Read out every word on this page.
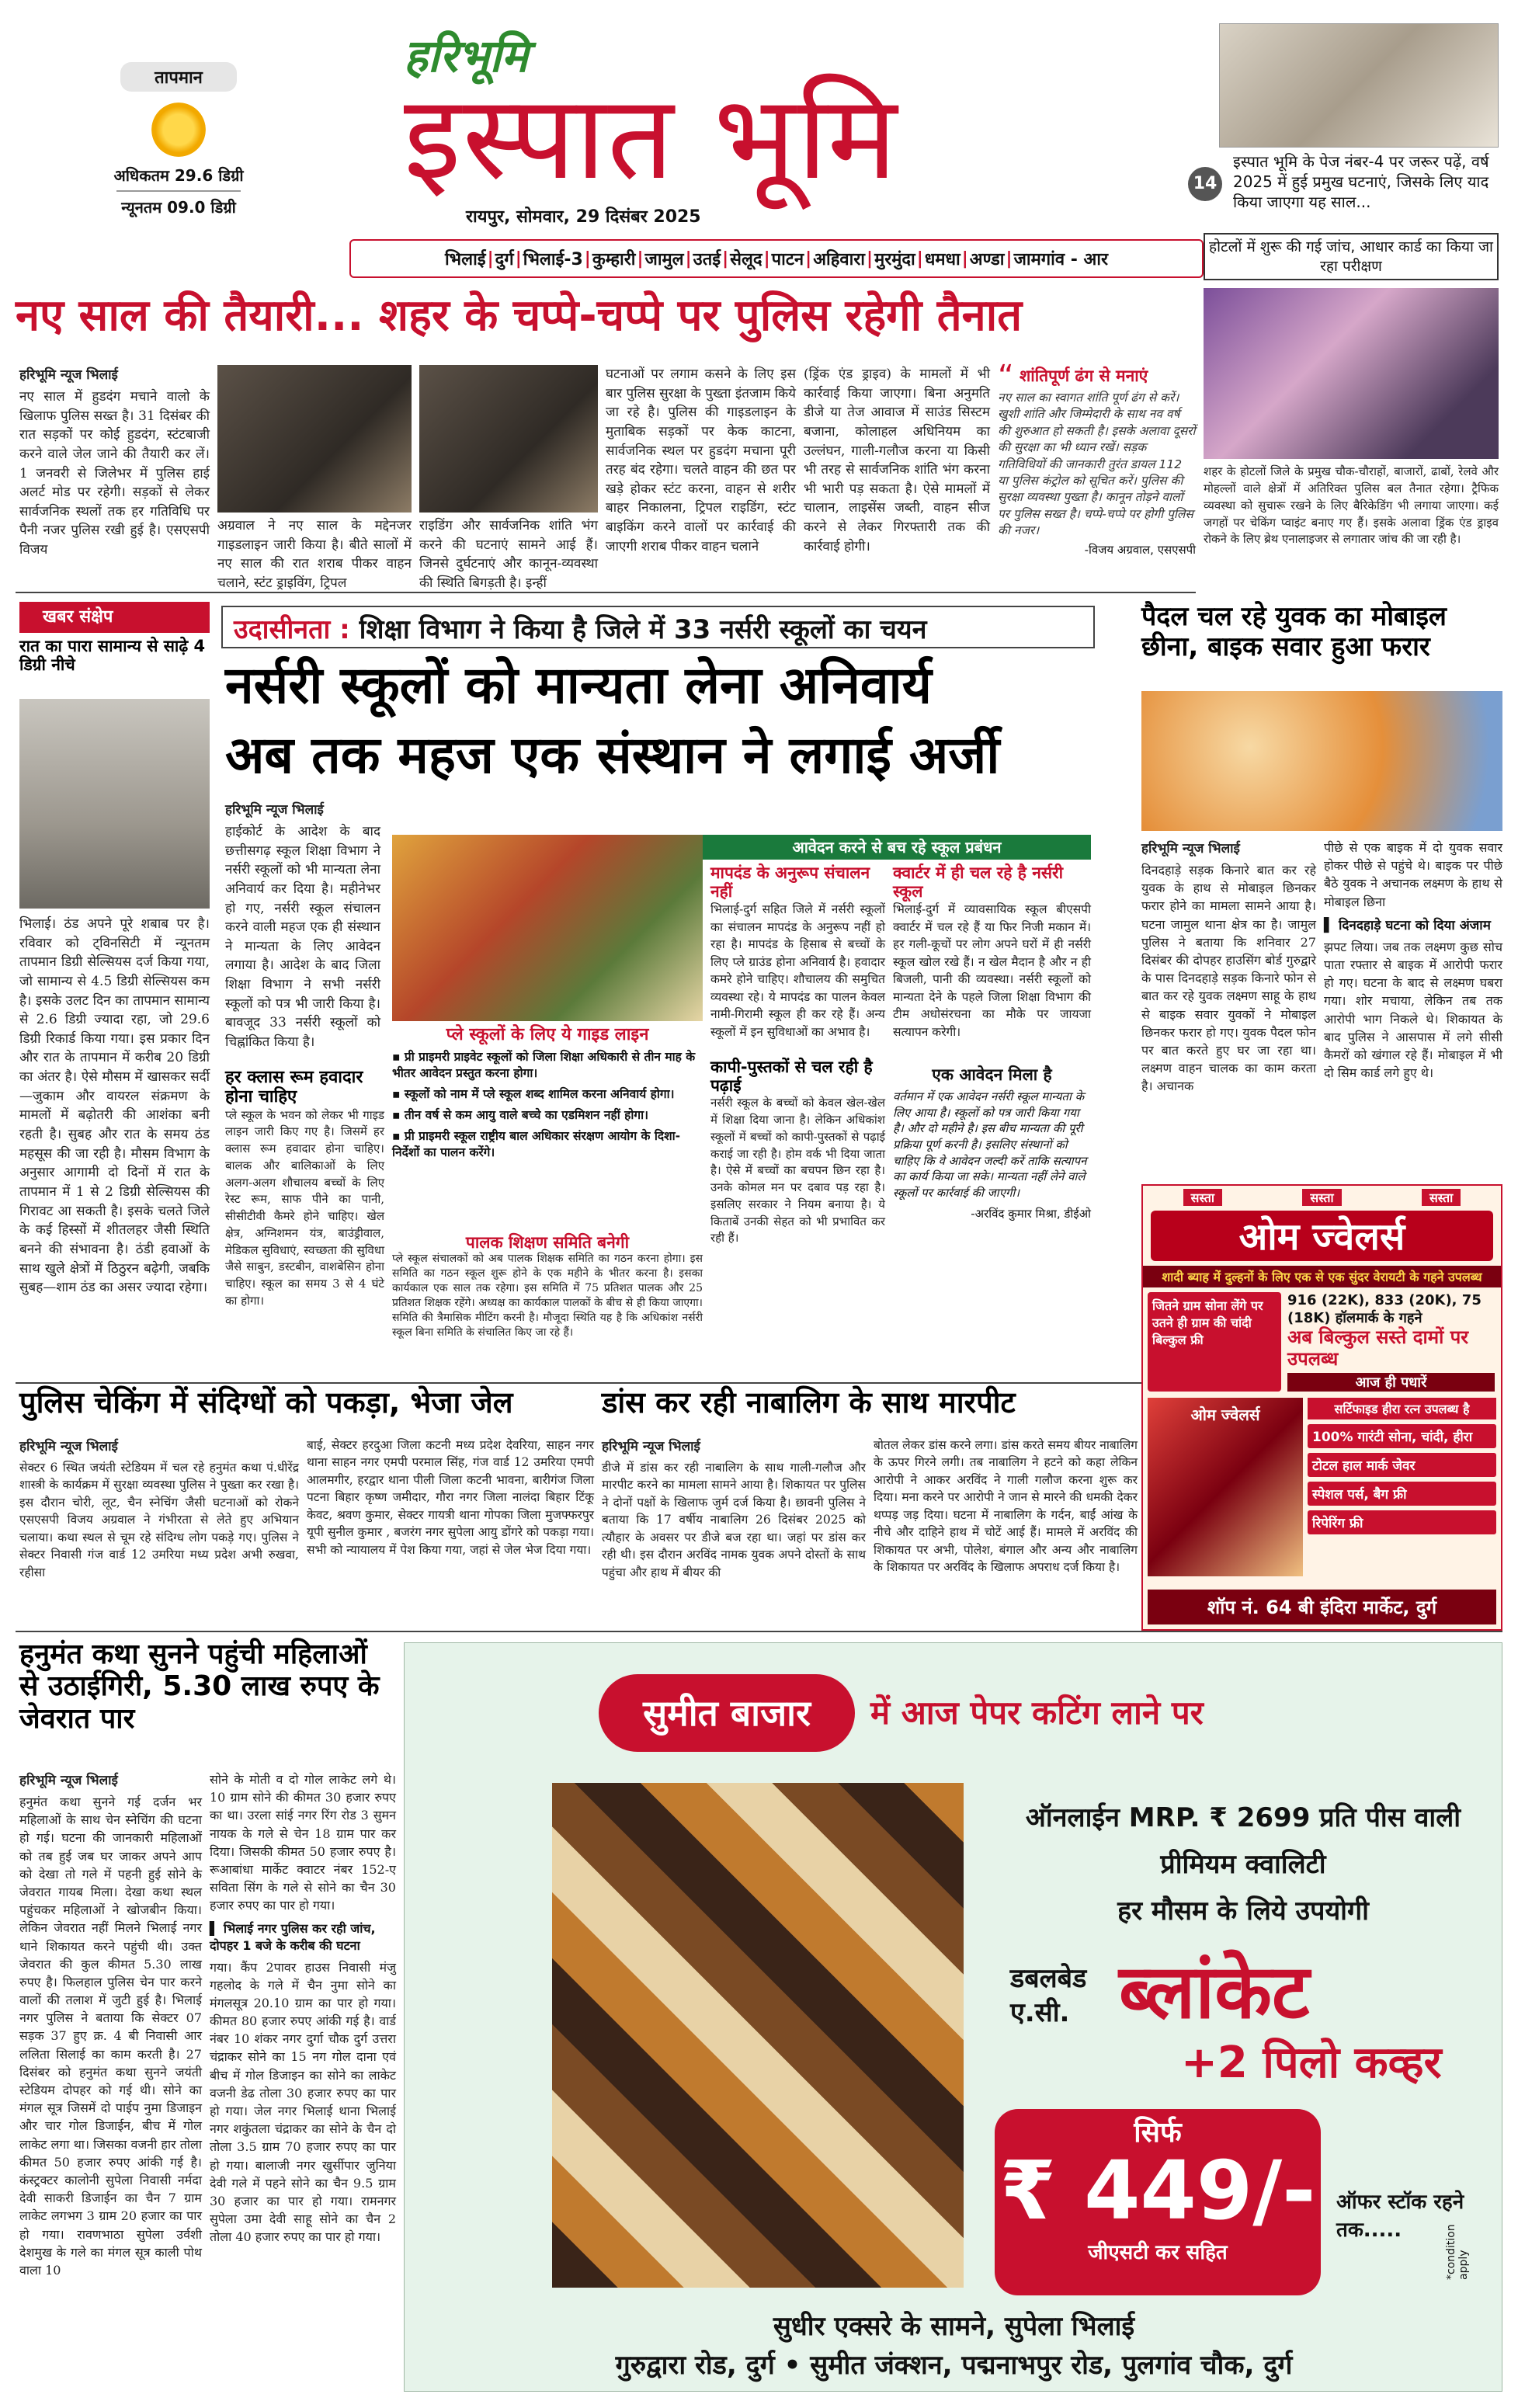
तापमान
अधिकतम 29.6 डिग्री
न्यूनतम 09.0 डिग्री
हरिभूमि
इस्पात भूमि
रायपुर, सोमवार, 29 दिसंबर 2025
14
इस्पात भूमि के पेज नंबर-4 पर जरूर पढ़ें, वर्ष 2025 में हुई प्रमुख घटनाएं, जिसके लिए याद किया जाएगा यह साल...
भिलाई | दुर्ग | भिलाई-3 | कुम्हारी | जामुल | उतई | सेलूद | पाटन | अहिवारा | मुरमुंदा | धमधा | अण्डा | जामगांव - आर
होटलों में शुरू की गई जांच, आधार कार्ड का किया जा रहा परीक्षण
शहर के होटलों जिले के प्रमुख चौक-चौराहों, बाजारों, ढाबों, रेलवे और मोहल्लों वाले क्षेत्रों में अतिरिक्त पुलिस बल तैनात रहेगा। ट्रैफिक व्यवस्था को सुचारू रखने के लिए बैरिकेडिंग भी लगाया जाएगा। कई जगहों पर चेकिंग प्वाइंट बनाए गए हैं। इसके अलावा ड्रिंक एंड ड्राइव रोकने के लिए ब्रेथ एनालाइजर से लगातार जांच की जा रही है।
नए साल की तैयारी... शहर के चप्पे-चप्पे पर पुलिस रहेगी तैनात
हरिभूमि न्यूज भिलाई
नए साल में हुडदंग मचाने वालो के खिलाफ पुलिस सख्त है। 31 दिसंबर की रात सड़कों पर कोई हुडदंग, स्टंटबाजी करने वाले जेल जाने की तैयारी कर लें। 1 जनवरी से जिलेभर में पुलिस हाई अलर्ट मोड पर रहेगी। सड़कों से लेकर सार्वजनिक स्थलों तक हर गतिविधि पर पैनी नजर पुलिस रखी हुई है। एसएसपी विजय
अग्रवाल ने नए साल के मद्देनजर गाइडलाइन जारी किया है। बीते सालों में नए साल की रात शराब पीकर वाहन चलाने, स्टंट ड्राइविंग, ट्रिपल
राइडिंग और सार्वजनिक शांति भंग करने की घटनाएं सामने आई हैं। जिनसे दुर्घटनाएं और कानून-व्यवस्था की स्थिति बिगड़ती है। इन्हीं
घटनाओं पर लगाम कसने के लिए इस बार पुलिस सुरक्षा के पुख्ता इंतजाम किये जा रहे है। पुलिस की गाइडलाइन के मुताबिक सड़कों पर केक काटना, सार्वजनिक स्थल पर हुडदंग मचाना पूरी तरह बंद रहेगा। चलते वाहन की छत पर खड़े होकर स्टंट करना, वाहन से शरीर बाहर निकालना, ट्रिपल राइडिंग, स्टंट बाइकिंग करने वालों पर कार्रवाई की जाएगी शराब पीकर वाहन चलाने
(ड्रिंक एंड ड्राइव) के मामलों में भी कार्रवाई किया जाएगा। बिना अनुमति डीजे या तेज आवाज में साउंड सिस्टम बजाना, कोलाहल अधिनियम का उल्लंघन, गाली-गलौज करना या किसी भी तरह से सार्वजनिक शांति भंग करना भी भारी पड़ सकता है। ऐसे मामलों में चालान, लाइसेंस जब्ती, वाहन सीज करने से लेकर गिरफ्तारी तक की कार्रवाई होगी।
“ शांतिपूर्ण ढंग से मनाएं
नए साल का स्वागत शांति पूर्ण ढंग से करें। खुशी शांति और जिम्मेदारी के साथ नव वर्ष की शुरुआत हो सकती है। इसके अलावा दूसरों की सुरक्षा का भी ध्यान रखें। सड़क गतिविधियों की जानकारी तुरंत डायल 112 या पुलिस कंट्रोल को सूचित करें। पुलिस की सुरक्षा व्यवस्था पुख्ता है। कानून तोड़ने वालों पर पुलिस सख्त है। चप्पे-चप्पे पर होगी पुलिस की नजर।
-विजय अग्रवाल, एसएसपी
खबर संक्षेप
रात का पारा सामान्य से साढ़े 4 डिग्री नीचे
भिलाई। ठंड अपने पूरे शबाब पर है। रविवार को ट्विनसिटी में न्यूनतम तापमान डिग्री सेल्सियस दर्ज किया गया, जो सामान्य से 4.5 डिग्री सेल्सियस कम है। इसके उलट दिन का तापमान सामान्य से 2.6 डिग्री ज्यादा रहा, जो 29.6 डिग्री रिकार्ड किया गया। इस प्रकार दिन और रात के तापमान में करीब 20 डिग्री का अंतर है। ऐसे मौसम में खासकर सर्दी—जुकाम और वायरल संक्रमण के मामलों में बढ़ोतरी की आशंका बनी रहती है। सुबह और रात के समय ठंड महसूस की जा रही है। मौसम विभाग के अनुसार आगामी दो दिनों में रात के तापमान में 1 से 2 डिग्री सेल्सियस की गिरावट आ सकती है। इसके चलते जिले के कई हिस्सों में शीतलहर जैसी स्थिति बनने की संभावना है। ठंडी हवाओं के साथ खुले क्षेत्रों में ठिठुरन बढ़ेगी, जबकि सुबह—शाम ठंड का असर ज्यादा रहेगा।
उदासीनता : शिक्षा विभाग ने किया है जिले में 33 नर्सरी स्कूलों का चयन
नर्सरी स्कूलों को मान्यता लेना अनिवार्य
अब तक महज एक संस्थान ने लगाई अर्जी
हरिभूमि न्यूज भिलाई
हाईकोर्ट के आदेश के बाद छत्तीसगढ़ स्कूल शिक्षा विभाग ने नर्सरी स्कूलों को भी मान्यता लेना अनिवार्य कर दिया है। महीनेभर हो गए, नर्सरी स्कूल संचालन करने वाली महज एक ही संस्थान ने मान्यता के लिए आवेदन लगाया है। आदेश के बाद जिला शिक्षा विभाग ने सभी नर्सरी स्कूलों को पत्र भी जारी किया है। बावजूद 33 नर्सरी स्कूलों को चिह्नांकित किया है।
आवेदन करने से बच रहे स्कूल प्रबंधन
मापदंड के अनुरूप संचालन नहीं
भिलाई-दुर्ग सहित जिले में नर्सरी स्कूलों का संचालन मापदंड के अनुरूप नहीं हो रहा है। मापदंड के हिसाब से बच्चों के लिए प्ले ग्राउंड होना अनिवार्य है। हवादार कमरे होने चाहिए। शौचालय की समुचित व्यवस्था रहे। ये मापदंड का पालन केवल नामी-गिरामी स्कूल ही कर रहे हैं। अन्य स्कूलों में इन सुविधाओं का अभाव है।
क्वार्टर में ही चल रहे है नर्सरी स्कूल
भिलाई-दुर्ग में व्यावसायिक स्कूल बीएसपी क्वार्टर में चल रहे हैं या फिर निजी मकान में। हर गली-कूचों पर लोग अपने घरों में ही नर्सरी स्कूल खोल रखे हैं। न खेल मैदान है और न ही बिजली, पानी की व्यवस्था। नर्सरी स्कूलों को मान्यता देने के पहले जिला शिक्षा विभाग की टीम अधोसंरचना का मौके पर जायजा सत्यापन करेगी।
प्ले स्कूलों के लिए ये गाइड लाइन
▪ प्री प्राइमरी प्राइवेट स्कूलों को जिला शिक्षा अधिकारी से तीन माह के भीतर आवेदन प्रस्तुत करना होगा।
▪ स्कूलों को नाम में प्ले स्कूल शब्द शामिल करना अनिवार्य होगा।
▪ तीन वर्ष से कम आयु वाले बच्चे का एडमिशन नहीं होगा।
▪ प्री प्राइमरी स्कूल राष्ट्रीय बाल अधिकार संरक्षण आयोग के दिशा-निर्देशों का पालन करेंगे।
हर क्लास रूम हवादार होना चाहिए
प्ले स्कूल के भवन को लेकर भी गाइड लाइन जारी किए गए है। जिसमें हर क्लास रूम हवादार होना चाहिए। बालक और बालिकाओं के लिए अलग-अलग शौचालय बच्चों के लिए रेस्ट रूम, साफ पीने का पानी, सीसीटीवी कैमरे होने चाहिए। खेल क्षेत्र, अग्निशमन यंत्र, बाउंड्रीवाल, मेडिकल सुविधाएं, स्वच्छता की सुविधा जैसे साबुन, डस्टबीन, वाशबेसिन होना चाहिए। स्कूल का समय 3 से 4 घंटे का होगा।
कापी-पुस्तकों से चल रही है पढ़ाई
नर्सरी स्कूल के बच्चों को केवल खेल-खेल में शिक्षा दिया जाना है। लेकिन अधिकांश स्कूलों में बच्चों को कापी-पुस्तकों से पढ़ाई कराई जा रही है। होम वर्क भी दिया जाता है। ऐसे में बच्चों का बचपन छिन रहा है। उनके कोमल मन पर दबाव पड़ रहा है। इसलिए सरकार ने नियम बनाया है। ये किताबें उनकी सेहत को भी प्रभावित कर रही हैं।
एक आवेदन मिला है
वर्तमान में एक आवेदन नर्सरी स्कूल मान्यता के लिए आया है। स्कूलों को पत्र जारी किया गया है। और दो महीने है। इस बीच मान्यता की पूरी प्रक्रिया पूर्ण करनी है। इसलिए संस्थानों को चाहिए कि वे आवेदन जल्दी करें ताकि सत्यापन का कार्य किया जा सके। मान्यता नहीं लेने वाले स्कूलों पर कार्रवाई की जाएगी।
-अरविंद कुमार मिश्रा, डीईओ
पालक शिक्षण समिति बनेगी
प्ले स्कूल संचालकों को अब पालक शिक्षक समिति का गठन करना होगा। इस समिति का गठन स्कूल शुरू होने के एक महीने के भीतर करना है। इसका कार्यकाल एक साल तक रहेगा। इस समिति में 75 प्रतिशत पालक और 25 प्रतिशत शिक्षक रहेंगे। अध्यक्ष का कार्यकाल पालकों के बीच से ही किया जाएगा। समिति की त्रैमासिक मीटिंग करनी है। मौजूदा स्थिति यह है कि अधिकांश नर्सरी स्कूल बिना समिति के संचालित किए जा रहे हैं।
पैदल चल रहे युवक का मोबाइल छीना, बाइक सवार हुआ फरार
हरिभूमि न्यूज भिलाई
दिनदहाड़े सड़क किनारे बात कर रहे युवक के हाथ से मोबाइल छिनकर फरार होने का मामला सामने आया है। घटना जामुल थाना क्षेत्र का है। जामुल पुलिस ने बताया कि शनिवार 27 दिसंबर की दोपहर हाउसिंग बोर्ड गुरुद्वारे के पास दिनदहाड़े सड़क किनारे फोन से बात कर रहे युवक लक्ष्मण साहू के हाथ से बाइक सवार युवकों ने मोबाइल छिनकर फरार हो गए। युवक पैदल फोन पर बात करते हुए घर जा रहा था। लक्ष्मण वाहन चालक का काम करता है। अचानक
पीछे से एक बाइक में दो युवक सवार होकर पीछे से पहुंचे थे। बाइक पर पीछे बैठे युवक ने अचानक लक्ष्मण के हाथ से मोबाइल छिना
▌ दिनदहाड़े घटना को दिया अंजाम
झपट लिया। जब तक लक्ष्मण कुछ सोच पाता रफ्तार से बाइक में आरोपी फरार हो गए। घटना के बाद से लक्ष्मण घबरा गया। शोर मचाया, लेकिन तब तक आरोपी भाग निकले थे। शिकायत के बाद पुलिस ने आसपास में लगे सीसी कैमरों को खंगाल रहे हैं। मोबाइल में भी दो सिम कार्ड लगे हुए थे।
सस्ता	सस्ता	सस्ता
ओम ज्वेलर्स
शादी ब्याह में दुल्हनों के लिए एक से एक सुंदर वेरायटी के गहने उपलब्ध
जितने ग्राम सोना लेंगे पर उतने ही ग्राम की चांदी बिल्कुल फ्री
916 (22K), 833 (20K), 75 (18K) हॉलमार्क के गहने
अब बिल्कुल सस्ते दामों पर उपलब्ध
आज ही पधारें
ओम ज्वेलर्स	सर्टिफाइड हीरा रत्न उपलब्ध है
100% गारंटी सोना, चांदी, हीरा
टोटल हाल मार्क जेवर
स्पेशल पर्स, बैग फ्री
रिपेरिंग फ्री
शॉप नं. 64 बी इंदिरा मार्केट, दुर्ग
पुलिस चेकिंग में संदिग्धों को पकड़ा, भेजा जेल
हरिभूमि न्यूज भिलाई
सेक्टर 6 स्थित जयंती स्टेडियम में चल रहे हनुमंत कथा पं.धीरेंद्र शास्त्री के कार्यक्रम में सुरक्षा व्यवस्था पुलिस ने पुख्ता कर रखा है। इस दौरान चोरी, लूट, चैन स्नेचिंग जैसी घटनाओं को रोकने एसएसपी विजय अग्रवाल ने गंभीरता से लेते हुए अभियान चलाया। कथा स्थल से चूम रहे संदिग्ध लोग पकड़े गए। पुलिस ने सेक्टर निवासी गंज वार्ड 12 उमरिया मध्य प्रदेश अभी रुखवा, रहीसा
बाई, सेक्टर हरदुआ जिला कटनी मध्य प्रदेश देवरिया, साहन नगर थाना साहन नगर एमपी परमाल सिंह, गंज वार्ड 12 उमरिया एमपी आलमगीर, हरद्वार थाना पीली जिला कटनी भावना, बारीगंज जिला पटना बिहार कृष्ण जमीदार, गौरा नगर जिला नालंदा बिहार टिंकू केवट, श्रवण कुमार, सेक्टर गायत्री थाना गोपका जिला मुजफ्फरपुर यूपी सुनील कुमार , बजरंग नगर सुपेला आयु डोंगरे को पकड़ा गया। सभी को न्यायालय में पेश किया गया, जहां से जेल भेज दिया गया।
डांस कर रही नाबालिग के साथ मारपीट
हरिभूमि न्यूज भिलाई
डीजे में डांस कर रही नाबालिग के साथ गाली-गलौज और मारपीट करने का मामला सामने आया है। शिकायत पर पुलिस ने दोनों पक्षों के खिलाफ जुर्म दर्ज किया है। छावनी पुलिस ने बताया कि 17 वर्षीय नाबालिग 26 दिसंबर 2025 को त्यौहार के अवसर पर डीजे बज रहा था। जहां पर डांस कर रही थी। इस दौरान अरविंद नामक युवक अपने दोस्तों के साथ पहुंचा और हाथ में बीयर की
बोतल लेकर डांस करने लगा। डांस करते समय बीयर नाबालिग के ऊपर गिरने लगी। तब नाबालिग ने हटने को कहा लेकिन आरोपी ने आकर अरविंद ने गाली गलौज करना शुरू कर दिया। मना करने पर आरोपी ने जान से मारने की धमकी देकर थप्पड़ जड़ दिया। घटना में नाबालिग के गर्दन, बाईं आंख के नीचे और दाहिने हाथ में चोटें आई हैं। मामले में अरविंद की शिकायत पर अभी, पोलेश, बंगाल और अन्य और नाबालिग के शिकायत पर अरविंद के खिलाफ अपराध दर्ज किया है।
हनुमंत कथा सुनने पहुंची महिलाओं से उठाईगिरी, 5.30 लाख रुपए के जेवरात पार
हरिभूमि न्यूज भिलाई
हनुमंत कथा सुनने गई दर्जन भर महिलाओं के साथ चेन स्नेचिंग की घटना हो गई। घटना की जानकारी महिलाओं को तब हुई जब घर जाकर अपने आप को देखा तो गले में पहनी हुई सोने के जेवरात गायब मिला। देखा कथा स्थल पहुंचकर महिलाओं ने खोजबीन किया। लेकिन जेवरात नहीं मिलने भिलाई नगर थाने शिकायत करने पहुंची थी। उक्त जेवरात की कुल कीमत 5.30 लाख रुपए है। फिलहाल पुलिस चेन पार करने वालों की तलाश में जुटी हुई है। भिलाई नगर पुलिस ने बताया कि सेक्टर 07 सड़क 37 हुए क्र. 4 बी निवासी आर ललिता सिलाई का काम करती है। 27 दिसंबर को हनुमंत कथा सुनने जयंती स्टेडियम दोपहर को गई थी। सोने का मंगल सूत्र जिसमें दो पाईप नुमा डिजाइन और चार गोल डिजाईन, बीच में गोल लाकेट लगा था। जिसका वजनी हार तोला कीमत 50 हजार रुपए आंकी गई है। कंस्ट्रक्टर कालोनी सुपेला निवासी नर्मदा देवी साकरी डिजाईन का चैन 7 ग्राम लाकेट लगभग 3 ग्राम 20 हजार का पार हो गया। रावणभाठा सुपेला उर्वशी देशमुख के गले का मंगल सूत्र काली पोथ वाला 10
सोने के मोती व दो गोल लाकेट लगे थे। 10 ग्राम सोने की कीमत 30 हजार रुपए का था। उरला सांई नगर रिंग रोड 3 सुमन नायक के गले से चेन 18 ग्राम पार कर दिया। जिसकी कीमत 50 हजार रुपए है। रूआबांधा मार्केट क्वाटर नंबर 152-ए सविता सिंग के गले से सोने का चैन 30 हजार रुपए का पार हो गया।
▌ भिलाई नगर पुलिस कर रही जांच, दोपहर 1 बजे के करीब की घटना
गया। कैंप 2पावर हाउस निवासी मंजु गहलोद के गले में चैन नुमा सोने का मंगलसूत्र 20.10 ग्राम का पार हो गया। कीमत 80 हजार रुपए आंकी गई है। वार्ड नंबर 10 शंकर नगर दुर्गा चौक दुर्ग उत्तरा चंद्राकर सोने का 15 नग गोल दाना एवं बीच में गोल डिजाइन का सोने का लाकेट वजनी डेढ तोला 30 हजार रुपए का पार हो गया। जेल नगर भिलाई थाना भिलाई नगर शकुंतला चंद्राकर का सोने के चैन दो तोला 3.5 ग्राम 70 हजार रुपए का पार हो गया। बालाजी नगर खुर्सीपार जुनिया देवी गले में पहने सोने का चैन 9.5 ग्राम 30 हजार का पार हो गया। रामनगर सुपेला उमा देवी साहू सोने का चैन 2 तोला 40 हजार रुपए का पार हो गया।
सुमीत बाजार	में आज पेपर कटिंग लाने पर
ऑनलाईन MRP. ₹ 2699 प्रति पीस वाली
प्रीमियम क्वालिटी
हर मौसम के लिये उपयोगी
डबलबेड ए.सी. ब्लांकेट
+2 पिलो कव्हर
सिर्फ
₹ 449/-
जीएसटी कर सहित
ऑफर स्टॉक रहने तक.....
सुधीर एक्सरे के सामने, सुपेला भिलाई
गुरुद्वारा रोड, दुर्ग • सुमीत जंक्शन, पद्मनाभपुर रोड, पुलगांव चौक, दुर्ग
*condition apply
